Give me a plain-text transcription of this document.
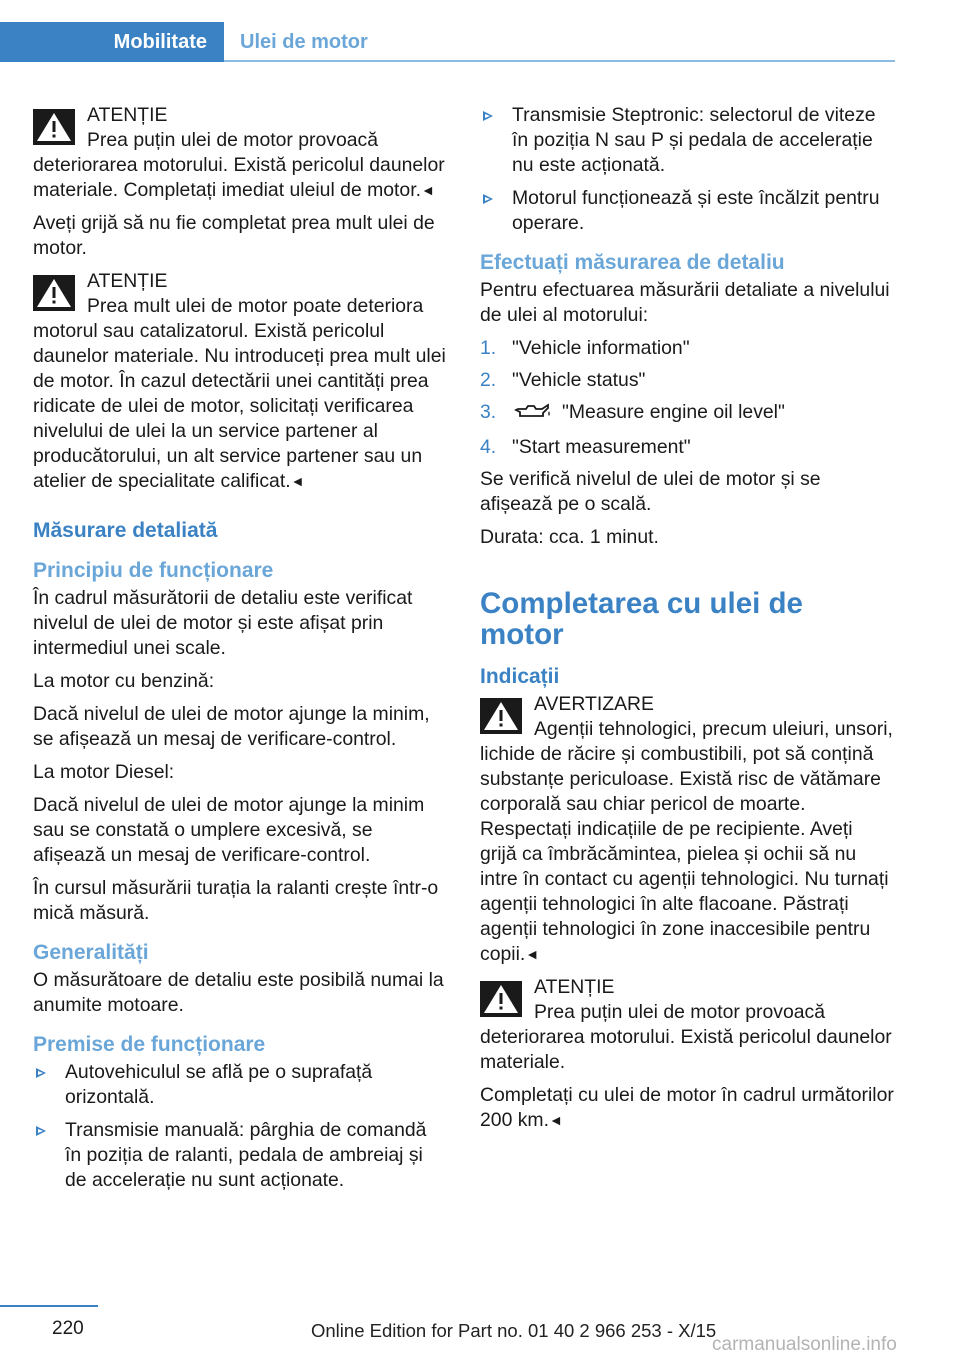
Mobilitate	Ulei de motor
ATENȚIE
Prea puțin ulei de motor provoacă deteriorarea motorului. Există pericolul daunelor materiale. Completați imediat uleiul de motor.◄

Aveți grijă să nu fie completat prea mult ulei de motor.

ATENȚIE
Prea mult ulei de motor poate deteriora motorul sau catalizatorul. Există pericolul daunelor materiale. Nu introduceți prea mult ulei de motor. În cazul detectării unei cantități prea ridicate de ulei de motor, solicitați verificarea nivelului de ulei la un service partener al producătorului, un alt service partener sau un atelier de specialitate calificat.◄
Măsurare detaliată
Principiu de funcționare

În cadrul măsurătorii de detaliu este verificat nivelul de ulei de motor și este afișat prin intermediul unei scale.

La motor cu benzină:

Dacă nivelul de ulei de motor ajunge la minim, se afișează un mesaj de verificare-control.

La motor Diesel:

Dacă nivelul de ulei de motor ajunge la minim sau se constată o umplere excesivă, se afișează un mesaj de verificare-control.

În cursul măsurării turația la ralanti crește într-o mică măsură.

Generalități

O măsurătoare de detaliu este posibilă numai la anumite motoare.

Premise de funcționare
Autovehiculul se află pe o suprafață orizontală.
Transmisie manuală: pârghia de comandă în poziția de ralanti, pedala de ambreiaj și de accelerație nu sunt acționate.
Transmisie Steptronic: selectorul de viteze în poziția N sau P și pedala de accelerație nu este acționată.
Motorul funcționează și este încălzit pentru operare.
Efectuați măsurarea de detaliu

Pentru efectuarea măsurării detaliate a nivelului de ulei al motorului:

1. "Vehicle information"
2. "Vehicle status"
3.	"Measure engine oil level"
4. "Start measurement"

Se verifică nivelul de ulei de motor și se afișează pe o scală.

Durata: cca. 1 minut.

Completarea cu ulei de motor
Indicații
AVERTIZARE
Agenții tehnologici, precum uleiuri, unsori, lichide de răcire și combustibili, pot să conțină substanțe periculoase. Există risc de vătămare corporală sau chiar pericol de moarte. Respectați indicațiile de pe recipiente. Aveți grijă ca îmbrăcămintea, pielea și ochii să nu intre în contact cu agenții tehnologici. Nu turnați agenții tehnologici în alte flacoane. Păstrați agenții tehnologici în zone inaccesibile pentru copii.◄
ATENȚIE
Prea puțin ulei de motor provoacă deteriorarea motorului. Există pericolul daunelor materiale.

Completați cu ulei de motor în cadrul următorilor 200 km.◄

220	Online Edition for Part no. 01 40 2 966 253 - X/15
carmanualsonline.info
